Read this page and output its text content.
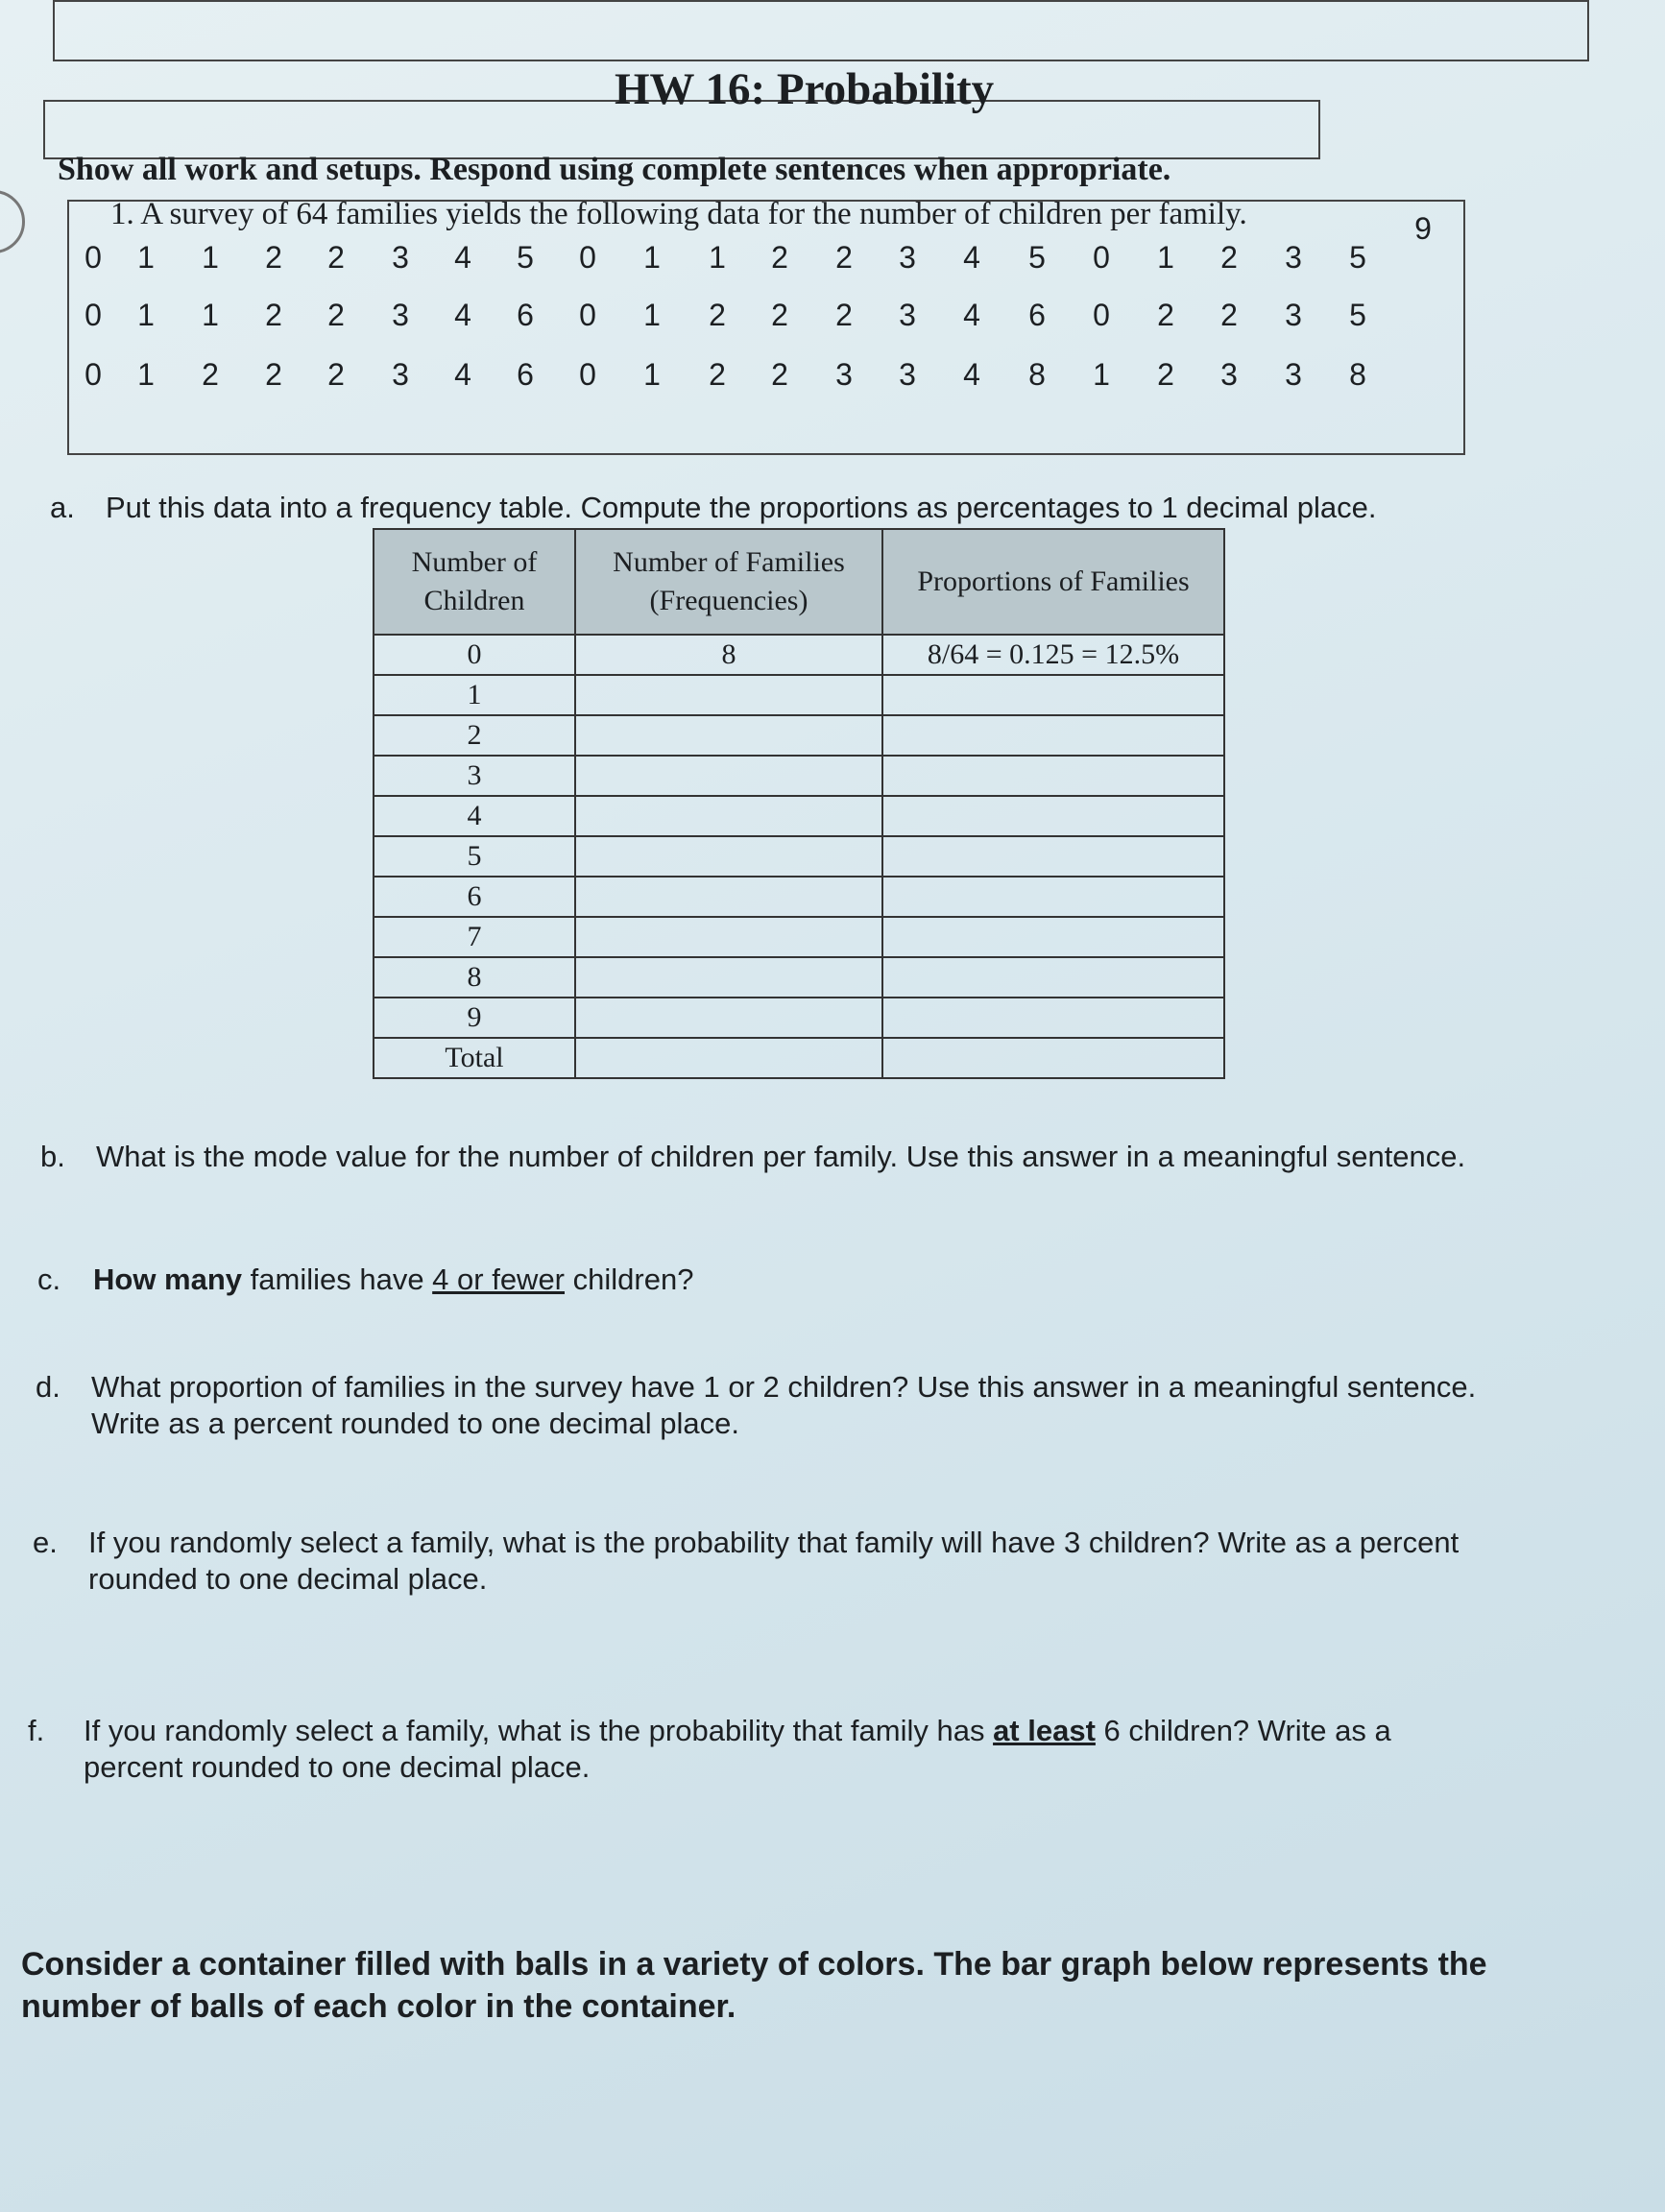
HW 16: Probability

Show all work and setups. Respond using complete sentences when appropriate.

1. A survey of 64 families yields the following data for the number of children per family.

0	1	1	2	2	3	4	5	0	1	1	2	2	3	4	5	0	1	2	3	5
9
0	1	1	2	2	3	4	6	0	1	2	2	2	3	4	6	0	2	2	3	5
0	1	2	2	2	3	4	6	0	1	2	2	3	3	4	8	1	2	3	3	8

a. Put this data into a frequency table. Compute the proportions as percentages to 1 decimal place.

Number of Children	Number of Families (Frequencies)	Proportions of Families
0	8	8/64 = 0.125 = 12.5%
1		
2		
3		
4		
5		
6		
7		
8		
9		
Total		

b. What is the mode value for the number of children per family. Use this answer in a meaningful sentence.

c. How many families have 4 or fewer children?

d. What proportion of families in the survey have 1 or 2 children? Use this answer in a meaningful sentence.
Write as a percent rounded to one decimal place.

e. If you randomly select a family, what is the probability that family will have 3 children? Write as a percent
rounded to one decimal place.

f. If you randomly select a family, what is the probability that family has at least 6 children? Write as a
percent rounded to one decimal place.

Consider a container filled with balls in a variety of colors. The bar graph below represents the number of balls of each color in the container.
